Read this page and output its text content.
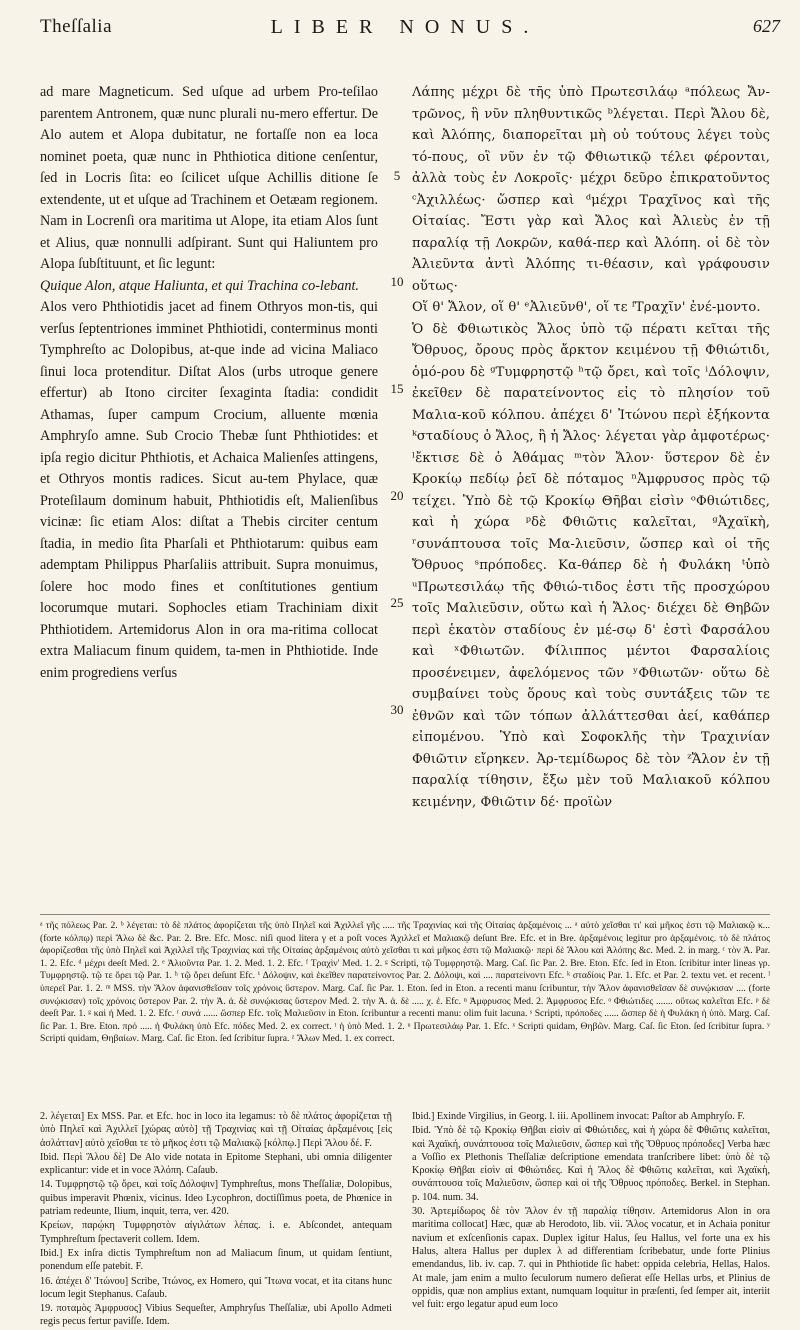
Theſſalia	LIBER NONUS.	627

ad mare Magneticum. Sed uſque ad urbem Pro-teſilao parentem Antronem, quæ nunc plurali nu-mero effertur. De Alo autem et Alopa dubitatur, ne fortaſſe non ea loca nominet poeta, quæ nunc in Phthiotica ditione cenſentur, ſed in Locris ſita: eo ſcilicet uſque Achillis ditione ſe extendente, ut et uſque ad Trachinem et Oetæam regionem. Nam in Locrenſi ora maritima ut Alope, ita etiam Alos ſunt et Alius, quæ nonnulli adſpirant. Sunt qui Haliuntem pro Alopa ſubſtituunt, et ſic legunt:

Quique Alon, atque Haliunta, et qui Trachina co-lebant.

Alos vero Phthiotidis jacet ad finem Othryos mon-tis, qui verſus ſeptentriones imminet Phthiotidi, conterminus monti Tymphreſto ac Dolopibus, at-que inde ad vicina Maliaco ſinui loca protenditur. Diſtat Alos (urbs utroque genere effertur) ab Itono circiter ſexaginta ſtadia: condidit Athamas, ſuper campum Crocium, alluente mœnia Amphryſo amne. Sub Crocio Thebæ ſunt Phthiotides: et ipſa regio dicitur Phthiotis, et Achaica Malienſes attingens, et Othryos montis radices. Sicut au-tem Phylace, quæ Proteſilaum dominum habuit, Phthiotidis eſt, Malienſibus vicinæ: ſic etiam Alos: diſtat a Thebis circiter centum ſtadia, in medio ſita Pharſali et Phthiotarum: quibus eam ademptam Philippus Pharſaliis attribuit. Supra monuimus, ſolere hoc modo fines et conſtitutiones gentium locorumque mutari. Sophocles etiam Trachiniam dixit Phthiotidem. Artemidorus Alon in ora ma-ritima collocat extra Maliacum finum quidem, ta-men in Phthiotide. Inde enim progrediens verſus

5
10
15
20
25
30

Λάπης μέχρι δὲ τῆς ὑπὸ Πρωτεσιλάῳ ᵃπόλεως Ἄν-τρῶνος, ἣ νῦν πληθυντικῶς ᵇλέγεται. Περὶ Ἄλου δὲ, καὶ Ἀλόπης, διαπορεῖται μὴ οὐ τούτους λέγει τοὺς τό-πους, οἳ νῦν ἐν τῷ Φθιωτικῷ τέλει φέρονται, ἀλλὰ τοὺς ἐν Λοκροῖς· μέχρι δεῦρο ἐπικρατοῦντος ᶜἈχιλλέως· ὥσπερ καὶ ᵈμέχρι Τραχῖνος καὶ τῆς Οἰταίας. Ἔστι γὰρ καὶ Ἄλος καὶ Ἀλιεὺς ἐν τῇ παραλίᾳ τῇ Λοκρῶν, καθά-περ καὶ Ἀλόπη. οἱ δὲ τὸν Ἀλιεῦντα ἀντὶ Ἀλόπης τι-θέασιν, καὶ γράφουσιν οὕτως·

Οἵ θ' Ἄλον, οἵ θ' ᵉἈλιεῦνθ', οἵ τε ᶠΤραχῖν' ἐνέ-μοντο.

Ὁ δὲ Φθιωτικὸς Ἄλος ὑπὸ τῷ πέρατι κεῖται τῆς Ὄθρυος, ὄρους πρὸς ἄρκτον κειμένου τῇ Φθιώτιδι, ὁμό-ρου δὲ ᵍΤυμφρηστῷ ʰτῷ ὄρει, καὶ τοῖς ⁱΔόλοψιν, ἐκεῖθεν δὲ παρατείνοντος εἰς τὸ πλησίον τοῦ Μαλια-κοῦ κόλπου. ἀπέχει δ' Ἰτώνου περὶ ἑξήκοντα ᵏσταδίους ὁ Ἄλος, ἢ ἡ Ἄλος· λέγεται γὰρ ἀμφοτέρως· ˡἔκτισε δὲ ὁ Ἀθάμας ᵐτὸν Ἄλον· ὕστερον δὲ ἐν Κροκίῳ πεδίῳ ῥεῖ δὲ πόταμος ⁿἈμφρυσος πρὸς τῷ τείχει. Ὑπὸ δὲ τῷ Κροκίῳ Θῆβαι εἰσὶν ᵒΦθιώτιδες, καὶ ἡ χώρα ᵖδὲ Φθιῶτις καλεῖται, ᵍἈχαϊκὴ, ʳσυνάπτουσα τοῖς Μα-λιεῦσιν, ὥσπερ καὶ οἱ τῆς Ὄθρυος ˢπρόποδες. Κα-θάπερ δὲ ἡ Φυλάκη ᵗὑπὸ ᵘΠρωτεσιλάῳ τῆς Φθιώ-τιδος ἐστι τῆς προσχώρου τοῖς Μαλιεῦσιν, οὕτω καὶ ἡ Ἄλος· διέχει δὲ Θηβῶν περὶ ἑκατὸν σταδίους ἐν μέ-σῳ δ' ἐστὶ Φαρσάλου καὶ ˣΦθιωτῶν. Φίλιππος μέντοι Φαρσαλίοις προσένειμεν, ἀφελόμενος τῶν ʸΦθιωτῶν· οὕτω δὲ συμβαίνει τοὺς ὅρους καὶ τοὺς συντάξεις τῶν τε ἐθνῶν καὶ τῶν τόπων ἀλλάττεσθαι ἀεί, καθάπερ εἰπομένου. Ὑπὸ καὶ Σοφοκλῆς τὴν Τραχινίαν Φθιῶτιν εἴρηκεν. Ἀρ-τεμίδωρος δὲ τὸν ᶻἌλον ἐν τῇ παραλίᾳ τίθησιν, ἔξω μὲν τοῦ Μαλιακοῦ κόλπου κειμένην, Φθιῶτιν δέ· προϊὼν

ᵃ τῆς πόλεως Par. 2. ᵇ λέγεται: τὸ δὲ πλάτος ἀφορίζεται τῆς ὑπὸ Πηλεῖ καὶ Ἀχιλλεῖ γῆς ..... τῆς Τραχινίας καὶ τῆς Οἰταίας ἀρξαμένοις ... ᵃ αὐτὸ χεῖσθαι τι' καὶ μῆκος ἐστι τῷ Μαλιακῷ κ... (forte κόλπῳ) περὶ Ἄλω δὲ &c. Par. 2. Bre. Efc. Mosc. niſi quod litera γ et a poſt voces Ἀχιλλεῖ et Μαλιακῷ deſunt Bre. Efc. et in Bre. ἀρξαμένοις legitur pro ἀρξαμένοις. τὸ δὲ πλάτος ἀφορίζεσθαι τῆς ὑπὸ Πηλεῖ καὶ Ἀχιλλεῖ τῆς Τραχινίας καὶ τῆς Οἰταίας ἀρξαμένοις αὐτὸ χεῖσθαι τι καὶ μῆκος ἐστι τῷ Μαλιακῷ· περὶ δὲ Ἄλου καὶ Ἀλόπης &c. Med. 2. in marg. ᶜ τὸν Ἀ. Par. 1. 2. Efc. ᵈ μέχρι deeſt Med. 2. ᵉ Ἀλιοῦντα Par. 1. 2. Med. 1. 2. Efc. ᶠ Τραχὶν' Med. 1. 2. ᵍ Scripti, τῷ Τυμφρηστῷ. Marg. Caſ. ſic Par. 2. Bre. Eton. Efc. ſed in Eton. ſcribitur inter lineas γρ. Τυμφρηστῷ. τῷ τε ὄρει τῷ Par. 1. ʰ τῷ ὄρει deſunt Efc. ⁱ Δόλοψιν, καὶ ἐκεῖθεν παρατείνοντος Par. 2. Δόλοψι, καὶ .... παρατείνοντι Efc. ᵏ σταδίοις Par. 1. Efc. et Par. 2. textu vet. et recent. ˡ ὑπερεῖ Par. 1. 2. ᵐ MSS. τὴν Ἄλον ἀφανισθεῖσαν τοῖς χρόνοις ὕστερον. Marg. Caſ. ſic Par. 1. Eton. ſed in Eton. a recenti manu ſcribuntur, τὴν Ἄλον ἀφανισθεῖσαν δὲ συνῴκισαν .... (forte συνῴκισαν) τοῖς χρόνοις ὕστερον Par. 2. τὴν Ἀ. ἀ. δὲ συνῴκισας ὕστερον Med. 2. τὴν Ἀ. ἀ. δὲ ..... χ. ἐ. Efc. ⁿ Ἀμφρυσος Med. 2. Ἀμφρυσος Efc. ᵒ Φθιώτιδες ....... οὕτως καλεῖται Efc. ᵖ δὲ deeſt Par. 1. ᵍ καὶ ἡ Med. 1. 2. Efc. ʳ συνά ...... ὥσπερ Efc. τοῖς Μαλιεῦσιν in Eton. ſcribuntur a recenti manu: olim fuit lacuna. ˢ Scripti, πρόποδες ...... ὥσπερ δὲ ἡ Φυλάκη ἡ ὑπὸ. Marg. Caſ. ſic Par. 1. Bre. Eton. πρό ..... ἡ Φυλάκη ὑπὸ Efc. πόδες Med. 2. ex correct. ᵗ ἡ ὑπὸ Med. 1. 2. ᵘ Πρωτεσιλάῳ Par. 1. Efc. ˣ Scripti quidam, Θηβῶν. Marg. Caſ. ſic Eton. ſed ſcribitur ſupra. ʸ Scripti quidam, Θηβαίων. Marg. Caſ. ſic Eton. ſed ſcribitur ſupra. ᶻ Ἄλων Med. 1. ex correct.

2. λέγεται] Ex MSS. Par. et Efc. hoc in loco ita legamus: τὸ δὲ πλάτος ἀφορίζεται τῇ ὑπὸ Πηλεῖ καὶ Ἀχιλλεῖ [χώρας αὐτὸ] τῇ Τραχινίας καὶ τῇ Οἰταίας ἀρξαμένοις [εἰς ἀσλάτταν] αὐτὸ χεῖσθαι τε τὸ μῆκος ἐστι τῷ Μαλιακῷ [κόλπῳ.] Περὶ Ἄλου δέ. F.

Ibid. Περὶ Ἄλου δὲ] De Alo vide notata in Epitome Stephani, ubi omnia diligenter explicantur: vide et in voce Ἀλόπη. Caſaub.

14. Τυμφρηστῷ τῷ ὄρει, καὶ τοῖς Δόλοψιν] Tymphreſtus, mons Theſſaliæ, Dolopibus, quibus imperavit Phœnix, vicinus. Ideo Lycophron, doctiſſimus poeta, de Phœnice in patriam redeunte, Ilium, inquit, terra, ver. 420.

Κρείων, παρῴκη Τυμφρηστὸν αἰγιλάτων λέπας. i. e. Abſcondet, antequam Tymphreſtum ſpectaverit collem. Idem.

Ibid.] Ex inſra dictis Tymphreſtum non ad Maliacum ſinum, ut quidam ſentiunt, ponendum eſſe patebit. F.

16. ἀπέχει δ' Ἰτώνου] Scribe, Ἰτώνος, ex Homero, qui Ἴτωνα vocat, et ita citans hunc locum legit Stephanus. Caſaub.

19. ποταμὸς Ἀμφρυσος] Vibius Sequeſter, Amphryſus Theſſaliæ, ubi Apollo Admeti regis pecus fertur paviſſe. Idem.

Ibid.] Exinde Virgilius, in Georg. l. iii. Apollinem invocat: Paſtor ab Amphryſo. F.

Ibid. Ὑπὸ δὲ τῷ Κροκίῳ Θῆβαι εἰσὶν αἱ Φθιώτιδες, καὶ ἡ χώρα δὲ Φθιῶτις καλεῖται, καὶ Ἀχαϊκή, συνάπτουσα τοῖς Μαλιεῦσιν, ὥσπερ καὶ τῆς Ὄθρυος πρόποδες] Verba hæc a Voſſio ex Plethonis Theſſaliæ deſcriptione emendata tranſcribere libet: ὑπὸ δὲ τῷ Κροκίῳ Θῆβαι εἰσὶν αἱ Φθιώτιδες. Καὶ ἡ Ἄλος δὲ Φθιῶτις καλεῖται, καὶ Ἀχαϊκὴ, συνάπτουσα τοῖς Μαλιεῦσιν, ὥσπερ καὶ οἱ τῆς Ὄθρυος πρόποδες. Berkel. in Stephan. p. 104. num. 34.

30. Ἀρτεμίδωρος δὲ τὸν Ἄλον ἐν τῇ παραλίᾳ τίθησιν. Artemidorus Alon in ora maritima collocat] Hæc, quæ ab Herodoto, lib. vii. Ἄλος vocatur, et in Achaia ponitur navium et exſcenſionis capax. Duplex igitur Halus, ſeu Hallus, vel forte una ex his Halus, altera Hallus per duplex λ ad differentiam ſcribebatur, unde forte Plinius emendandus, lib. iv. cap. 7. qui in Phthiotide ſic habet: oppida celebria, Hellas, Halos. At male, jam enim a multo ſeculorum numero deſierat eſſe Hellas urbs, et Plinius de oppidis, quæ non amplius extant, numquam loquitur in præſenti, ſed ſemper ait, interiit vel fuit: ergo legatur apud eum loco
